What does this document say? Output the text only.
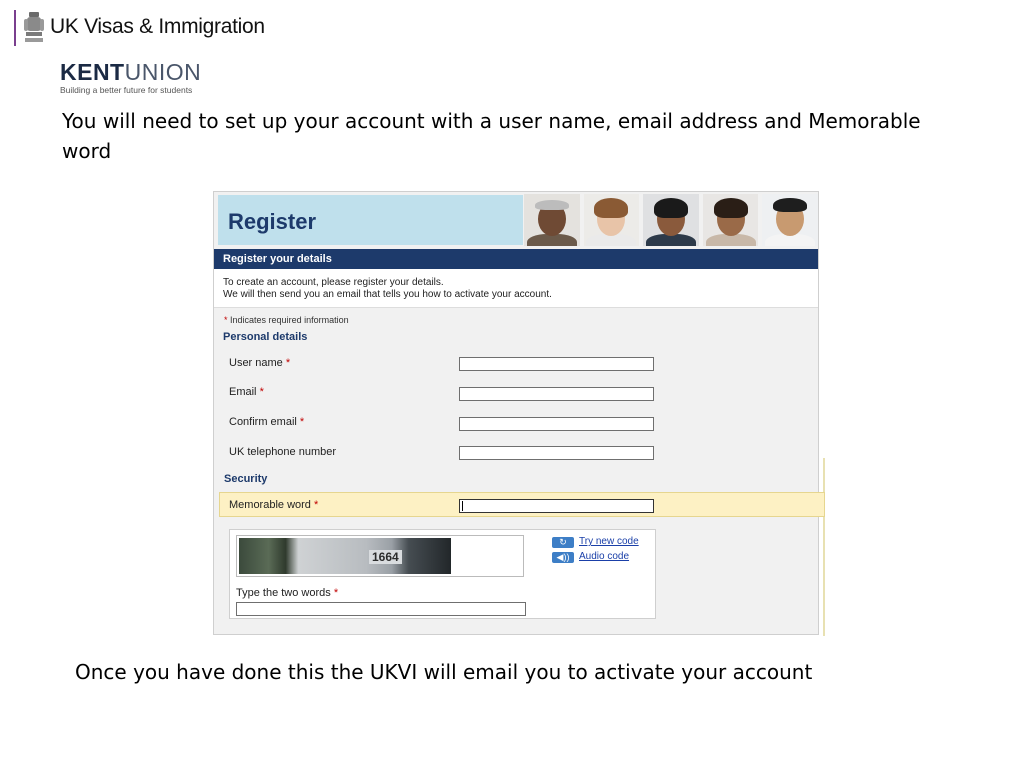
UK Visas & Immigration
KENTUNION
Building a better future for students
You will need to set up your account with a user name, email address and Memorable word
Register
Register your details
To create an account, please register your details.
We will then send you an email that tells you how to activate your account.
* Indicates required information
Personal details
User name *
Email *
Confirm email *
UK telephone number
Security
Memorable word *
1664
↻	Try new code
◀)) Audio code
Type the two words *
Once you have done this the UKVI will email you to activate your account
